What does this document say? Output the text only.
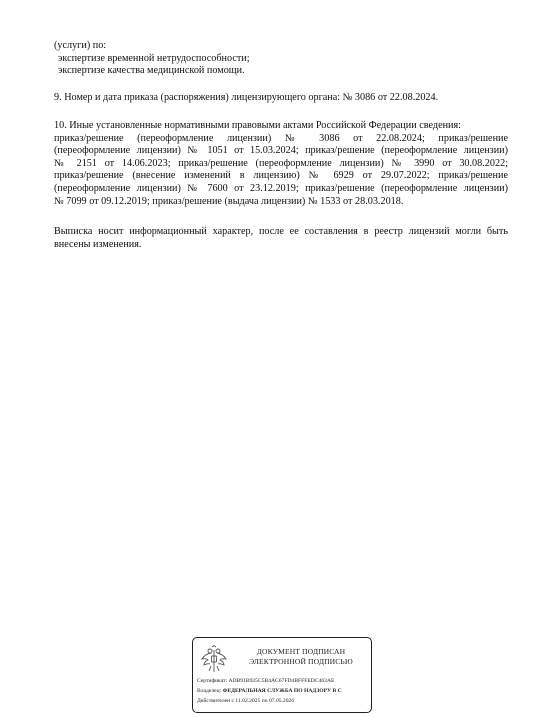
(услуги) по:
экспертизе временной нетрудоспособности;
экспертизе качества медицинской помощи.
9. Номер и дата приказа (распоряжения) лицензирующего органа: № 3086 от 22.08.2024.
10. Иные установленные нормативными правовыми актами Российской Федерации сведения:
приказ/решение (переоформление лицензии) № 3086 от 22.08.2024; приказ/решение
(переоформление лицензии) № 1051 от 15.03.2024; приказ/решение (переоформление лицензии)
№ 2151 от 14.06.2023; приказ/решение (переоформление лицензии) № 3990 от 30.08.2022;
приказ/решение (внесение изменений в лицензию) № 6929 от 29.07.2022; приказ/решение
(переоформление лицензии) № 7600 от 23.12.2019; приказ/решение (переоформление лицензии)
№ 7099 от 09.12.2019; приказ/решение (выдача лицензии) № 1533 от 28.03.2018.
Выписка носит информационный характер, после ее составления в реестр лицензий могли быть
внесены изменения.
ДОКУМЕНТ ПОДПИСАН
ЭЛЕКТРОННОЙ ПОДПИСЬЮ
Сертификат: ADB91B925C5B4AC67FD4BFFFEDC463AE
Владелец: ФЕДЕРАЛЬНАЯ СЛУЖБА ПО НАДЗОРУ В С
Действителен с 11.02.2025 по 07.05.2026
